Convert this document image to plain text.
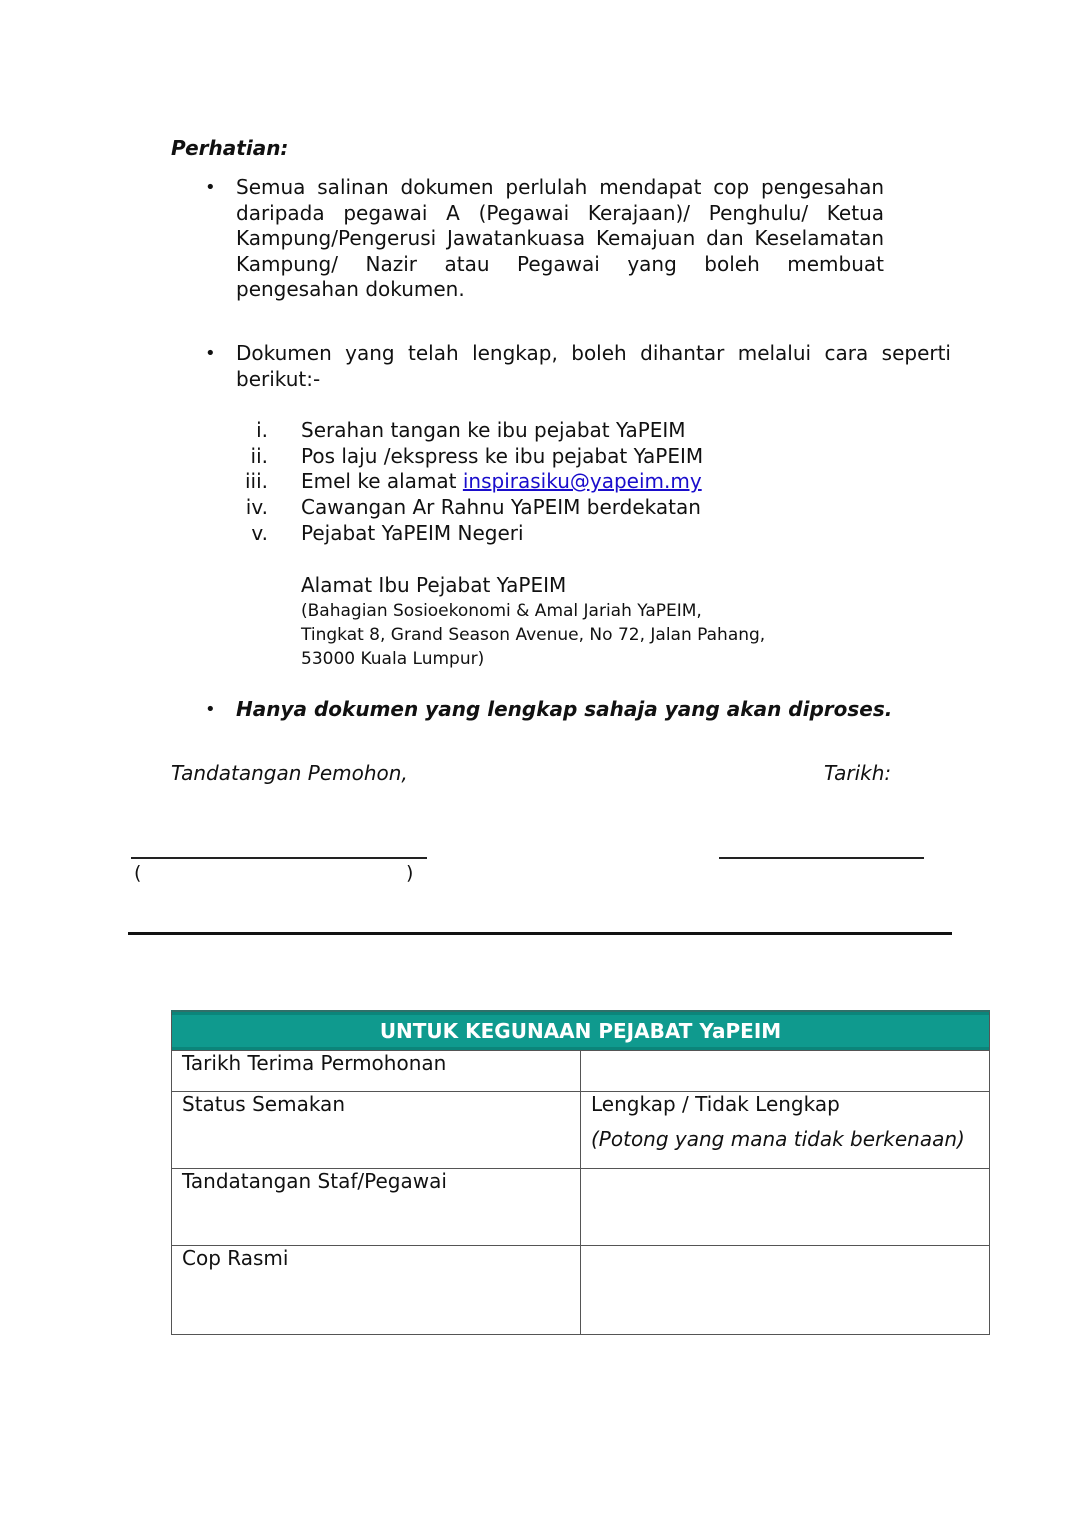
Perhatian:
• Semua salinan dokumen perlulah mendapat cop pengesahan daripada pegawai A (Pegawai Kerajaan)/ Penghulu/ Ketua Kampung/Pengerusi Jawatankuasa Kemajuan dan Keselamatan Kampung/ Nazir atau Pegawai yang boleh membuat pengesahan dokumen.
• Dokumen yang telah lengkap, boleh dihantar melalui cara seperti berikut:-
i. Serahan tangan ke ibu pejabat YaPEIM
ii. Pos laju /ekspress ke ibu pejabat YaPEIM
iii. Emel ke alamat inspirasiku@yapeim.my
iv. Cawangan Ar Rahnu YaPEIM berdekatan
v. Pejabat YaPEIM Negeri
Alamat Ibu Pejabat YaPEIM
(Bahagian Sosioekonomi & Amal Jariah YaPEIM,
Tingkat 8, Grand Season Avenue, No 72, Jalan Pahang,
53000 Kuala Lumpur)
• Hanya dokumen yang lengkap sahaja yang akan diproses.
Tandatangan Pemohon,	Tarikh:
(	)
UNTUK KEGUNAAN PEJABAT YaPEIM	
Tarikh Terima Permohonan	
Status Semakan	Lengkap / Tidak Lengkap
(Potong yang mana tidak berkenaan)

Tandatangan Staf/Pegawai	
Cop Rasmi	
